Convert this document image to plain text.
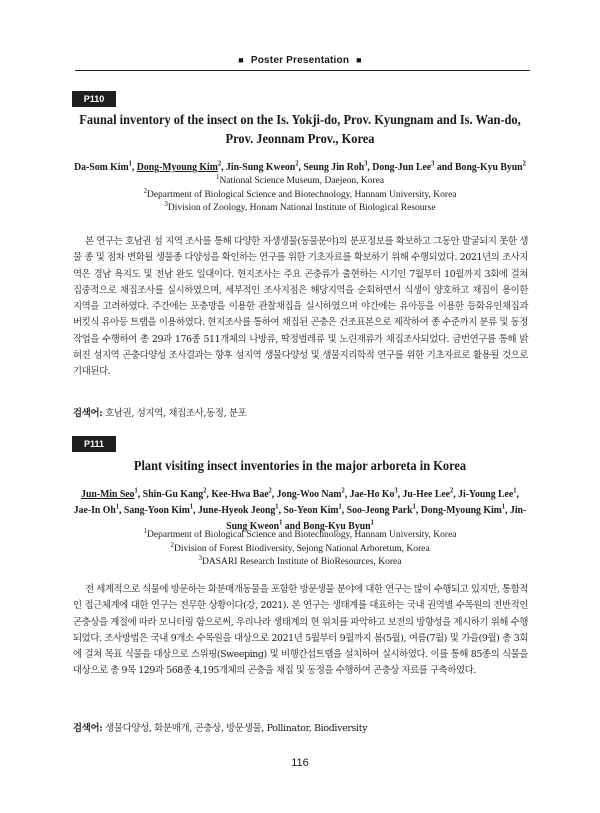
■ Poster Presentation ■
P110
Faunal inventory of the insect on the Is. Yokji-do, Prov. Kyungnam and Is. Wan-do,
Prov. Jeonnam Prov., Korea
Da-Som Kim$^1$, Dong-Myoung Kim$^2$, Jin-Sung Kweon$^2$, Seung Jin Roh$^3$, Dong-Jun Lee$^3$ and Bong-Kyu Byun$^2$
$^1$National Science Museum, Daejeon, Korea
$^2$Department of Biological Science and Biotechnology, Hannam University, Korea
$^3$Division of Zoology, Honam National Institute of Biological Resourse
본 연구는 호남권 섬 지역 조사를 통해 다양한 자생생물(동물분야)의 분포정보를 확보하고 그동안 발굴되지 못한 생물 종 및 점차 변화될 생물종 다양성을 확인하는 연구를 위한 기초자료를 확보하기 위해 수행되었다. 2021년의 조사지역은 경남 욕지도 및 전남 완도 일대이다. 현지조사는 주요 곤충류가 출현하는 시기인 7월부터 10월까지 3회에 걸쳐 집중적으로 채집조사를 실시하였으며, 세부적인 조사지점은 해당지역을 순회하면서 식생이 양호하고 채집이 용이한 지역을 고려하였다. 주간에는 포충망을 이용한 관찰채집을 실시하였으며 야간에는 유아등을 이용한 등화유인채집과 버킷식 유아등 트랩을 이용하였다. 현지조사를 통하여 채집된 곤충은 건조표본으로 제작하여 종 수준까지 분류 및 동정 작업을 수행하여 총 29과 176종 511개체의 나방류, 딱정벌레류 및 노린재류가 채집조사되었다. 금번연구를 통해 밝혀진 섬지역 곤충다양성 조사결과는 향후 섬지역 생물다양성 및 생물지리학적 연구를 위한 기초자료로 활용될 것으로 기대된다.
검색어: 호남권, 섬지역, 채집조사,동정, 분포
P111
Plant visiting insect inventories in the major arboreta in Korea
Jun-Min Seo$^1$, Shin-Gu Kang$^2$, Kee-Hwa Bae$^2$, Jong-Woo Nam$^2$, Jae-Ho Ko$^3$, Ju-Hee Lee$^2$, Ji-Young Lee$^1$, Jae-In Oh$^1$, Sang-Yoon Kim$^1$, June-Hyeok Jeong$^1$, So-Yeon Kim$^1$, Soo-Jeong Park$^1$, Dong-Myoung Kim$^1$, Jin-Sung Kweon$^1$ and Bong-Kyu Byun$^1$
$^1$Department of Biological Science and Biotechnology, Hannam University, Korea
$^2$Division of Forest Biodiversity, Sejong National Arboretum, Korea
$^3$DASARI Research Institute of BioResources, Korea
전 세계적으로 식물에 방문하는 화분매개동물을 포함한 방문생물 분야에 대한 연구는 많이 수행되고 있지만, 통합적인 접근체계에 대한 연구는 전무한 상황이다(강, 2021). 본 연구는 생태계를 대표하는 국내 권역별 수목원의 전반적인 곤충상을 계절에 따라 모니터링 함으로써, 우리나라 생태계의 현 위치를 파악하고 보전의 방향성을 제시하기 위해 수행되었다. 조사방법은 국내 9개소 수목원을 대상으로 2021년 5월부터 9월까지 봄(5월), 여름(7월) 및 가을(9월) 총 3회에 걸쳐 목표 식물을 대상으로 스위핑(Sweeping) 및 비행간섭트랩을 설치하여 실시하였다. 이를 통해 85종의 식물을 대상으로 총 9목 129과 568종 4,195개체의 곤충을 채집 및 동정을 수행하여 곤충상 자료를 구축하였다.
검색어: 생물다양성, 화분매개, 곤충상, 방문생물, Pollinator, Biodiversity
116
